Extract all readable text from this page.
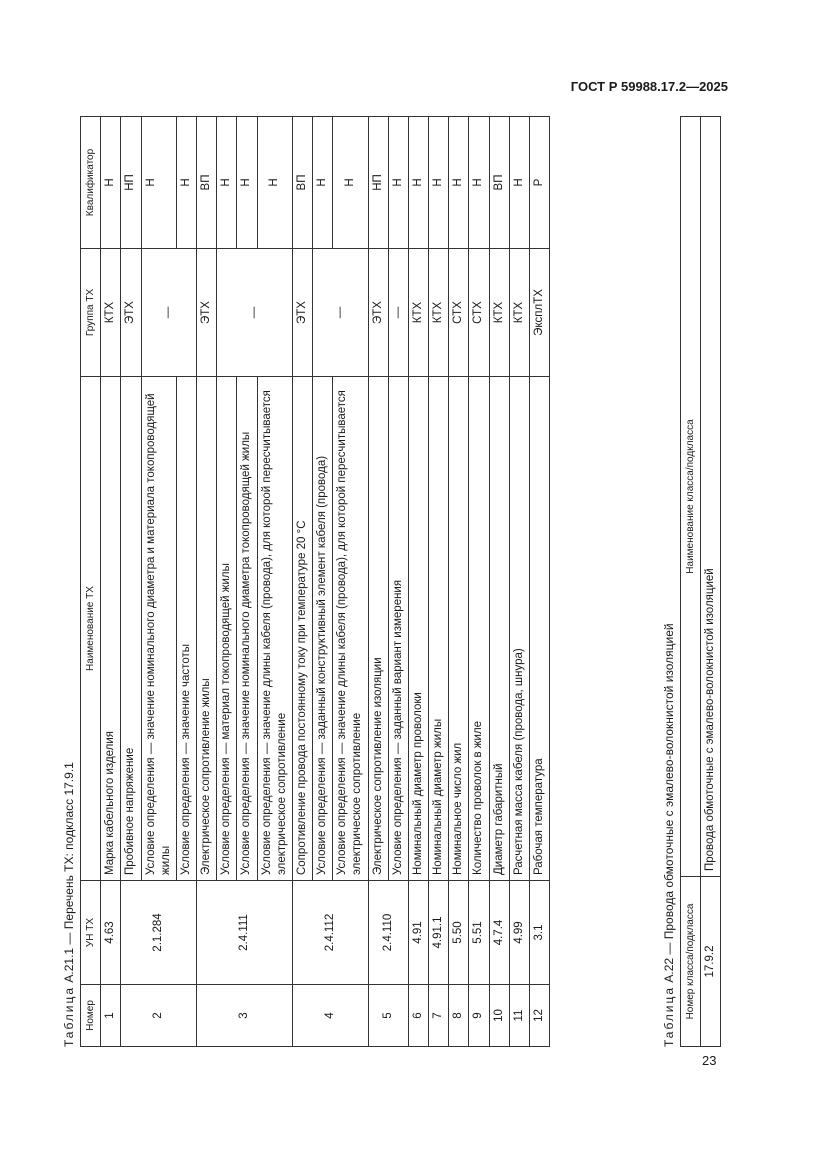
ГОСТ Р 59988.17.2—2025
Таблица А.21.1 — Перечень ТХ: подкласс 17.9.1
Номер	УН ТХ	Наименование ТХ	Группа ТХ	Квалификатор
1	4.63	Марка кабельного изделия	КТХ	Н
2	2.1.284	Пробивное напряжение	ЭТХ	НП
		Условие определения — значение номинального диаметра и материала токопроводящей жилы	—	Н
		Условие определения — значение частоты		Н
3	2.4.111	Электрическое сопротивление жилы	ЭТХ	ВП
		Условие определения — материал токопроводящей жилы	—	Н
		Условие определения — значение номинального диаметра токопроводящей жилы		Н
		Условие определения — значение длины кабеля (провода), для которой пересчитывается электрическое сопротивление		Н
4	2.4.112	Сопротивление провода постоянному току при температуре 20 °С	ЭТХ	ВП
		Условие определения — заданный конструктивный элемент кабеля (провода)	—	Н
		Условие определения — значение длины кабеля (провода), для которой пересчитывается электрическое сопротивление		Н
5	2.4.110	Электрическое сопротивление изоляции	ЭТХ	НП
		Условие определения — заданный вариант измерения	—	Н
6	4.91	Номинальный диаметр проволоки	КТХ	Н
7	4.91.1	Номинальный диаметр жилы	КТХ	Н
8	5.50	Номинальное число жил	СТХ	Н
9	5.51	Количество проволок в жиле	СТХ	Н
10	4.7.4	Диаметр габаритный	КТХ	ВП
11	4.99	Расчетная масса кабеля (провода, шнура)	КТХ	Н
12	3.1	Рабочая температура	ЭксплТХ	Р
Таблица А.22 — Провода обмоточные с эмалево-волокнистой изоляцией Номер класса/подкласса	Наименование класса/подкласса
17.9.2	Провода обмоточные с эмалево-волокнистой изоляцией
23
